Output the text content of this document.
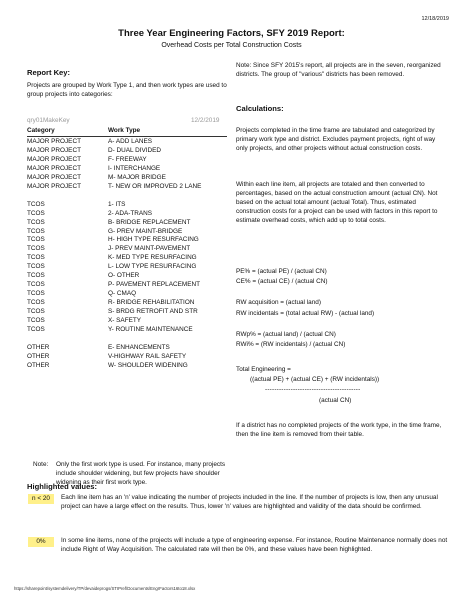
12/18/2019
Three Year Engineering Factors, SFY 2019 Report:
Overhead Costs per Total Construction Costs
Report Key:
Projects are grouped by Work Type 1, and then work types are used to group projects into categories:
qry01MakeKey	12/2/2019
Category	Work Type
MAJOR PROJECT	A- ADD LANES
MAJOR PROJECT	D- DUAL DIVIDED
MAJOR PROJECT	F- FREEWAY
MAJOR PROJECT	I- INTERCHANGE
MAJOR PROJECT	M- MAJOR BRIDGE
MAJOR PROJECT	T- NEW OR IMPROVED 2 LANE
TCOS	1- ITS
TCOS	2- ADA-TRANS
TCOS	B- BRIDGE REPLACEMENT
TCOS	G- PREV MAINT-BRIDGE
TCOS	H- HIGH TYPE RESURFACING
TCOS	J- PREV MAINT-PAVEMENT
TCOS	K- MED TYPE RESURFACING
TCOS	L- LOW TYPE RESURFACING
TCOS	O- OTHER
TCOS	P- PAVEMENT REPLACEMENT
TCOS	Q- CMAQ
TCOS	R- BRIDGE REHABILITATION
TCOS	S- BRDG RETROFIT AND STR
TCOS	X- SAFETY
TCOS	Y- ROUTINE MAINTENANCE
OTHER	E- ENHANCEMENTS
OTHER	V-HIGHWAY RAIL SAFETY
OTHER	W- SHOULDER WIDENING
Note: Only the first work type is used. For instance, many projects include shoulder widening, but few projects have shoulder widening as their first work type.
Note: Since SFY 2015's report, all projects are in the seven, reorganized districts. The group of "various" districts has been removed.
Calculations:
Projects completed in the time frame are tabulated and categorized by primary work type and district. Excludes payment projects, right of way only projects, and other projects without actual construction costs.
Within each line item, all projects are totaled and then converted to percentages, based on the actual construction amount (actual CN). Not based on the actual total amount (actual Total). Thus, estimated construction costs for a project can be used with factors in this report to estimate overhead costs, which add up to total costs.
PE% = (actual PE) / (actual CN)
CE% = (actual CE) / (actual CN)
RW acquisition = (actual land)
RW incidentals = (total actual RW) - (actual land)
RWp% = (actual land) / (actual CN)
RWi% = (RW incidentals) / (actual CN)
Total Engineering =
((actual PE) + (actual CE) + (RW incidentals))
-----------------------------------------
(actual CN)
If a district has no completed projects of the work type, in the time frame, then the line item is removed from their table.
Highlighted values:
n < 20	Each line item has an 'n' value indicating the number of projects included in the line. If the number of projects is low, then any unusual project can have a large effect on the results. Thus, lower 'n' values are highlighted and validity of the data should be confirmed.
0%	In some line items, none of the projects will include a type of engineering expense. For instance, Routine Maintenance normally does not include Right of Way Acquisition. The calculated rate will then be 0%, and these values have been highlighted.
https://sharepoint/systemdelivery/TP/devaideprogs/STIPref/Documents/EngrFactors16to18.xlsx
